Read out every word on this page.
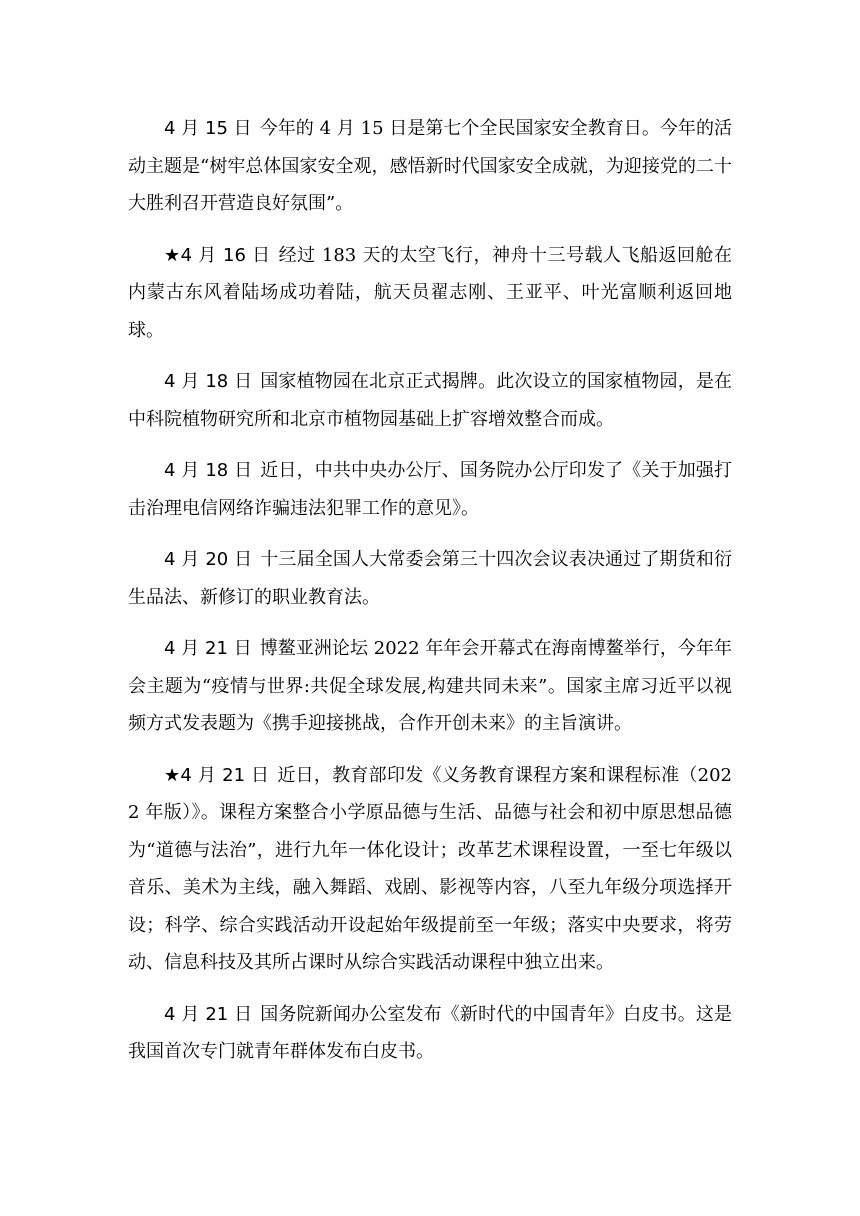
4 月 15 日 今年的 4 月 15 日是第七个全民国家安全教育日。今年的活动主题是“树牢总体国家安全观，感悟新时代国家安全成就，为迎接党的二十大胜利召开营造良好氛围”。

★4 月 16 日 经过 183 天的太空飞行，神舟十三号载人飞船返回舱在内蒙古东风着陆场成功着陆，航天员翟志刚、王亚平、叶光富顺利返回地球。

4 月 18 日 国家植物园在北京正式揭牌。此次设立的国家植物园，是在中科院植物研究所和北京市植物园基础上扩容增效整合而成。

4 月 18 日 近日，中共中央办公厅、国务院办公厅印发了《关于加强打击治理电信网络诈骗违法犯罪工作的意见》。

4 月 20 日 十三届全国人大常委会第三十四次会议表决通过了期货和衍生品法、新修订的职业教育法。

4 月 21 日 博鳌亚洲论坛 2022 年年会开幕式在海南博鳌举行，今年年会主题为“疫情与世界:共促全球发展,构建共同未来”。国家主席习近平以视频方式发表题为《携手迎接挑战，合作开创未来》的主旨演讲。

★4 月 21 日 近日，教育部印发《义务教育课程方案和课程标准（2022 年版）》。课程方案整合小学原品德与生活、品德与社会和初中原思想品德为“道德与法治”，进行九年一体化设计；改革艺术课程设置，一至七年级以音乐、美术为主线，融入舞蹈、戏剧、影视等内容，八至九年级分项选择开设；科学、综合实践活动开设起始年级提前至一年级；落实中央要求，将劳动、信息科技及其所占课时从综合实践活动课程中独立出来。

4 月 21 日 国务院新闻办公室发布《新时代的中国青年》白皮书。这是我国首次专门就青年群体发布白皮书。
